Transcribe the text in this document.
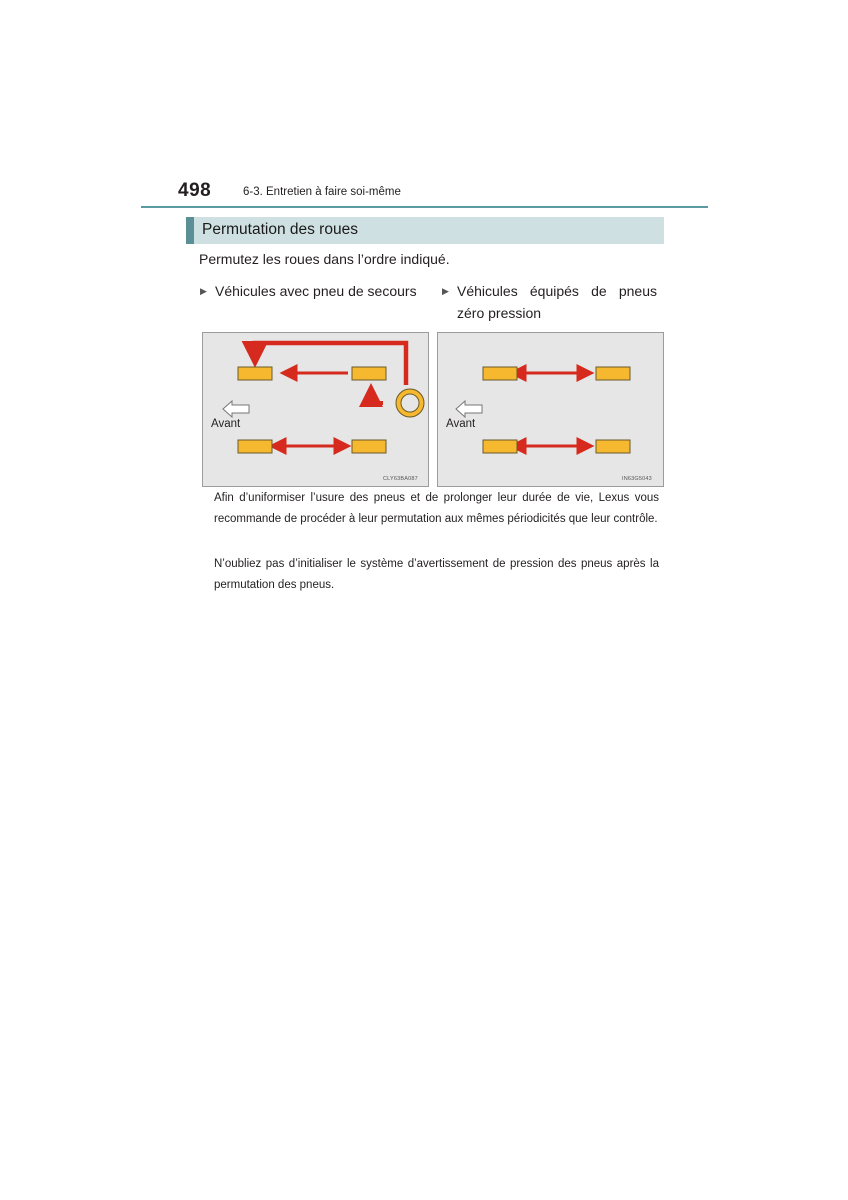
498	6-3. Entretien à faire soi-même
Permutation des roues
Permutez les roues dans l’ordre indiqué.
▶ Véhicules avec pneu de secours	▶ Véhicules équipés de pneus zéro pression
Avant
CLY63BA087
Avant
IN63G5043
Afin d’uniformiser l’usure des pneus et de prolonger leur durée de vie, Lexus vous recommande de procéder à leur permutation aux mêmes périodicités que leur contrôle.
N’oubliez pas d’initialiser le système d’avertissement de pression des pneus après la permutation des pneus.
